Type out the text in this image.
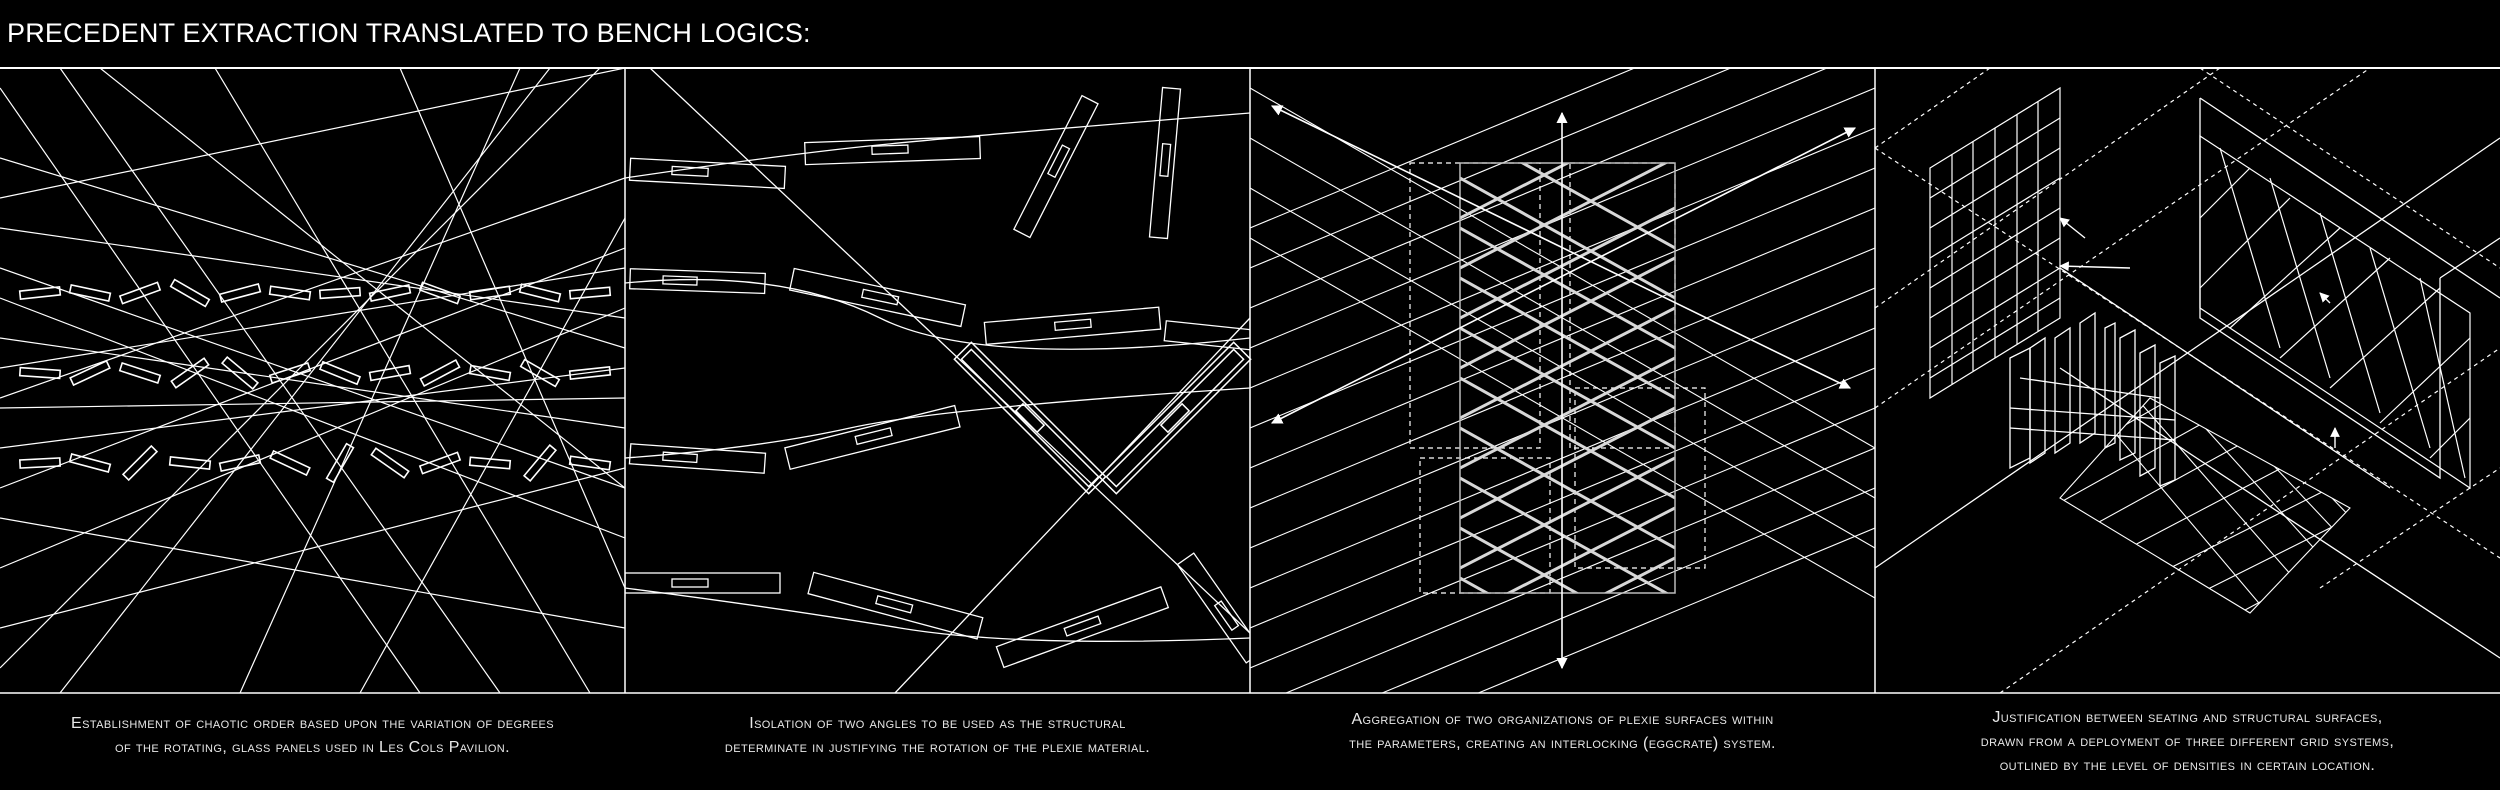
PRECEDENT EXTRACTION TRANSLATED TO BENCH LOGICS:
Establishment of chaotic order based upon the variation of degrees
of the rotating, glass panels used in Les Cols Pavilion.
Isolation of two angles to be used as the structural
determinate in justifying the rotation of the plexie material.
Aggregation of two organizations of plexie surfaces within
the parameters, creating an interlocking (eggcrate) system.
Justification between seating and structural surfaces,
drawn from a deployment of three different grid systems,
outlined by the level of densities in certain location.
